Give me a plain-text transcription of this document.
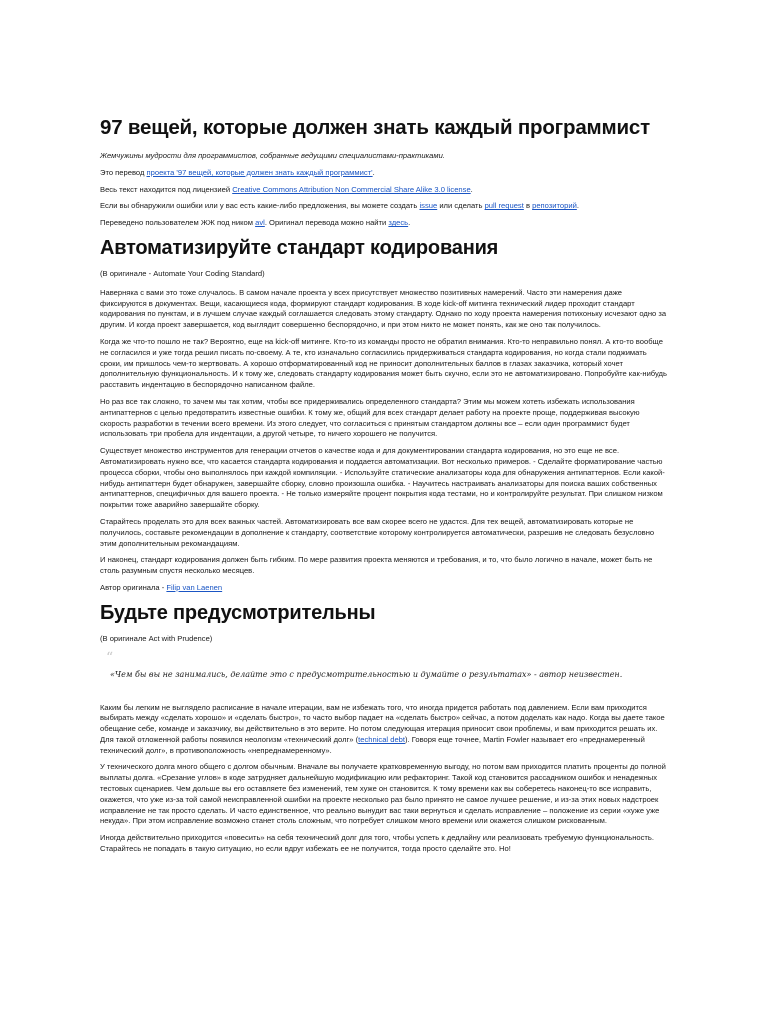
97 вещей, которые должен знать каждый программист

Жемчужины мудрости для программистов, собранные ведущими специалистами-практиками.

Это перевод проекта '97 вещей, которые должен знать каждый программист'.

Весь текст находится под лицензией Creative Commons Attribution Non Commercial Share Alike 3.0 license.

Если вы обнаружили ошибки или у вас есть какие-либо предложения, вы можете создать issue или сделать pull request в репозиторий.

Переведено пользователем ЖЖ под ником avl. Оригинал перевода можно найти здесь.

Автоматизируйте стандарт кодирования

(В оригинале - Automate Your Coding Standard)

Наверняка с вами это тоже случалось. В самом начале проекта у всех присутствует множество позитивных намерений. Часто эти намерения даже фиксируются в документах. Вещи, касающиеся кода, формируют стандарт кодирования. В ходе kick-off митинга технический лидер проходит стандарт кодирования по пунктам, и в лучшем случае каждый соглашается следовать этому стандарту. Однако по ходу проекта намерения потихоньку исчезают одно за другим. И когда проект завершается, код выглядит совершенно беспорядочно, и при этом никто не может понять, как же оно так получилось.

Когда же что-то пошло не так? Вероятно, еще на kick-off митинге. Кто-то из команды просто не обратил внимания. Кто-то неправильно понял. А кто-то вообще не согласился и уже тогда решил писать по-своему. А те, кто изначально согласились придерживаться стандарта кодирования, но когда стали поджимать сроки, им пришлось чем-то жертвовать. А хорошо отформатированный код не приносит дополнительных баллов в глазах заказчика, который хочет дополнительную функциональность. И к тому же, следовать стандарту кодирования может быть скучно, если это не автоматизировано. Попробуйте как-нибудь расставить индентацию в беспорядочно написанном файле.

Но раз все так сложно, то зачем мы так хотим, чтобы все придерживались определенного стандарта? Этим мы можем хотеть избежать использования антипаттернов с целью предотвратить известные ошибки. К тому же, общий для всех стандарт делает работу на проекте проще, поддерживая высокую скорость разработки в течении всего времени. Из этого следует, что согласиться с принятым стандартом должны все – если один программист будет использовать три пробела для индентации, а другой четыре, то ничего хорошего не получится.

Существует множество инструментов для генерации отчетов о качестве кода и для документировании стандарта кодирования, но это еще не все. Автоматизировать нужно все, что касается стандарта кодирования и поддается автоматизации. Вот несколько примеров. - Сделайте форматирование частью процесса сборки, чтобы оно выполнялось при каждой компиляции. - Используйте статические анализаторы кода для обнаружения антипаттернов. Если какой-нибудь антипаттерн будет обнаружен, завершайте сборку, словно произошла ошибка. - Научитесь настраивать анализаторы для поиска ваших собственных антипаттернов, специфичных для вашего проекта. - Не только измеряйте процент покрытия кода тестами, но и контролируйте результат. При слишком низком покрытии тоже аварийно завершайте сборку.

Старайтесь проделать это для всех важных частей. Автоматизировать все вам скорее всего не удастся. Для тех вещей, автоматизировать которые не получилось, составьте рекомендации в дополнение к стандарту, соответствие которому контролируется автоматически, разрешив не следовать безусловно этим дополнительным рекомандациям.

И наконец, стандарт кодирования должен быть гибким. По мере развития проекта меняются и требования, и то, что было логично в начале, может быть не столь разумным спустя несколько месяцев.

Автор оригинала - Filip van Laenen

Будьте предусмотрительны

(В оригинале Act with Prudence)

“
«Чем бы вы не занимались, делайте это с предусмотрительностью и думайте о результатах» - автор неизвестен.

Каким бы легким не выглядело расписание в начале итерации, вам не избежать того, что иногда придется работать под давлением. Если вам приходится выбирать между «сделать хорошо» и «сделать быстро», то часто выбор падает на «сделать быстро» сейчас, а потом доделать как надо. Когда вы даете такое обещание себе, команде и заказчику, вы действительно в это верите. Но потом следующая итерация приносит свои проблемы, и вам приходится решать их. Для такой отложенной работы появился неологизм «технический долг» (technical debt). Говоря еще точнее, Martin Fowler называет его «преднамеренный технический долг», в противоположность «непреднамеренному».

У технического долга много общего с долгом обычным. Вначале вы получаете кратковременную выгоду, но потом вам приходится платить проценты до полной выплаты долга. «Срезание углов» в коде затрудняет дальнейшую модификацию или рефакторинг. Такой код становится рассадником ошибок и ненадежных тестовых сценариев. Чем дольше вы его оставляете без изменений, тем хуже он становится. К тому времени как вы соберетесь наконец-то все исправить, окажется, что уже из-за той самой неисправленной ошибки на проекте несколько раз было принято не самое лучшее решение, и из-за этих новых надстроек исправление не так просто сделать. И часто единственное, что реально вынудит вас таки вернуться и сделать исправление – положение из серии «хуже уже некуда». При этом исправление возможно станет столь сложным, что потребует слишком много времени или окажется слишком рискованным.

Иногда действительно приходится «повесить» на себя технический долг для того, чтобы успеть к дедлайну или реализовать требуемую функциональность. Старайтесь не попадать в такую ситуацию, но если вдруг избежать ее не получится, тогда просто сделайте это. Но!
